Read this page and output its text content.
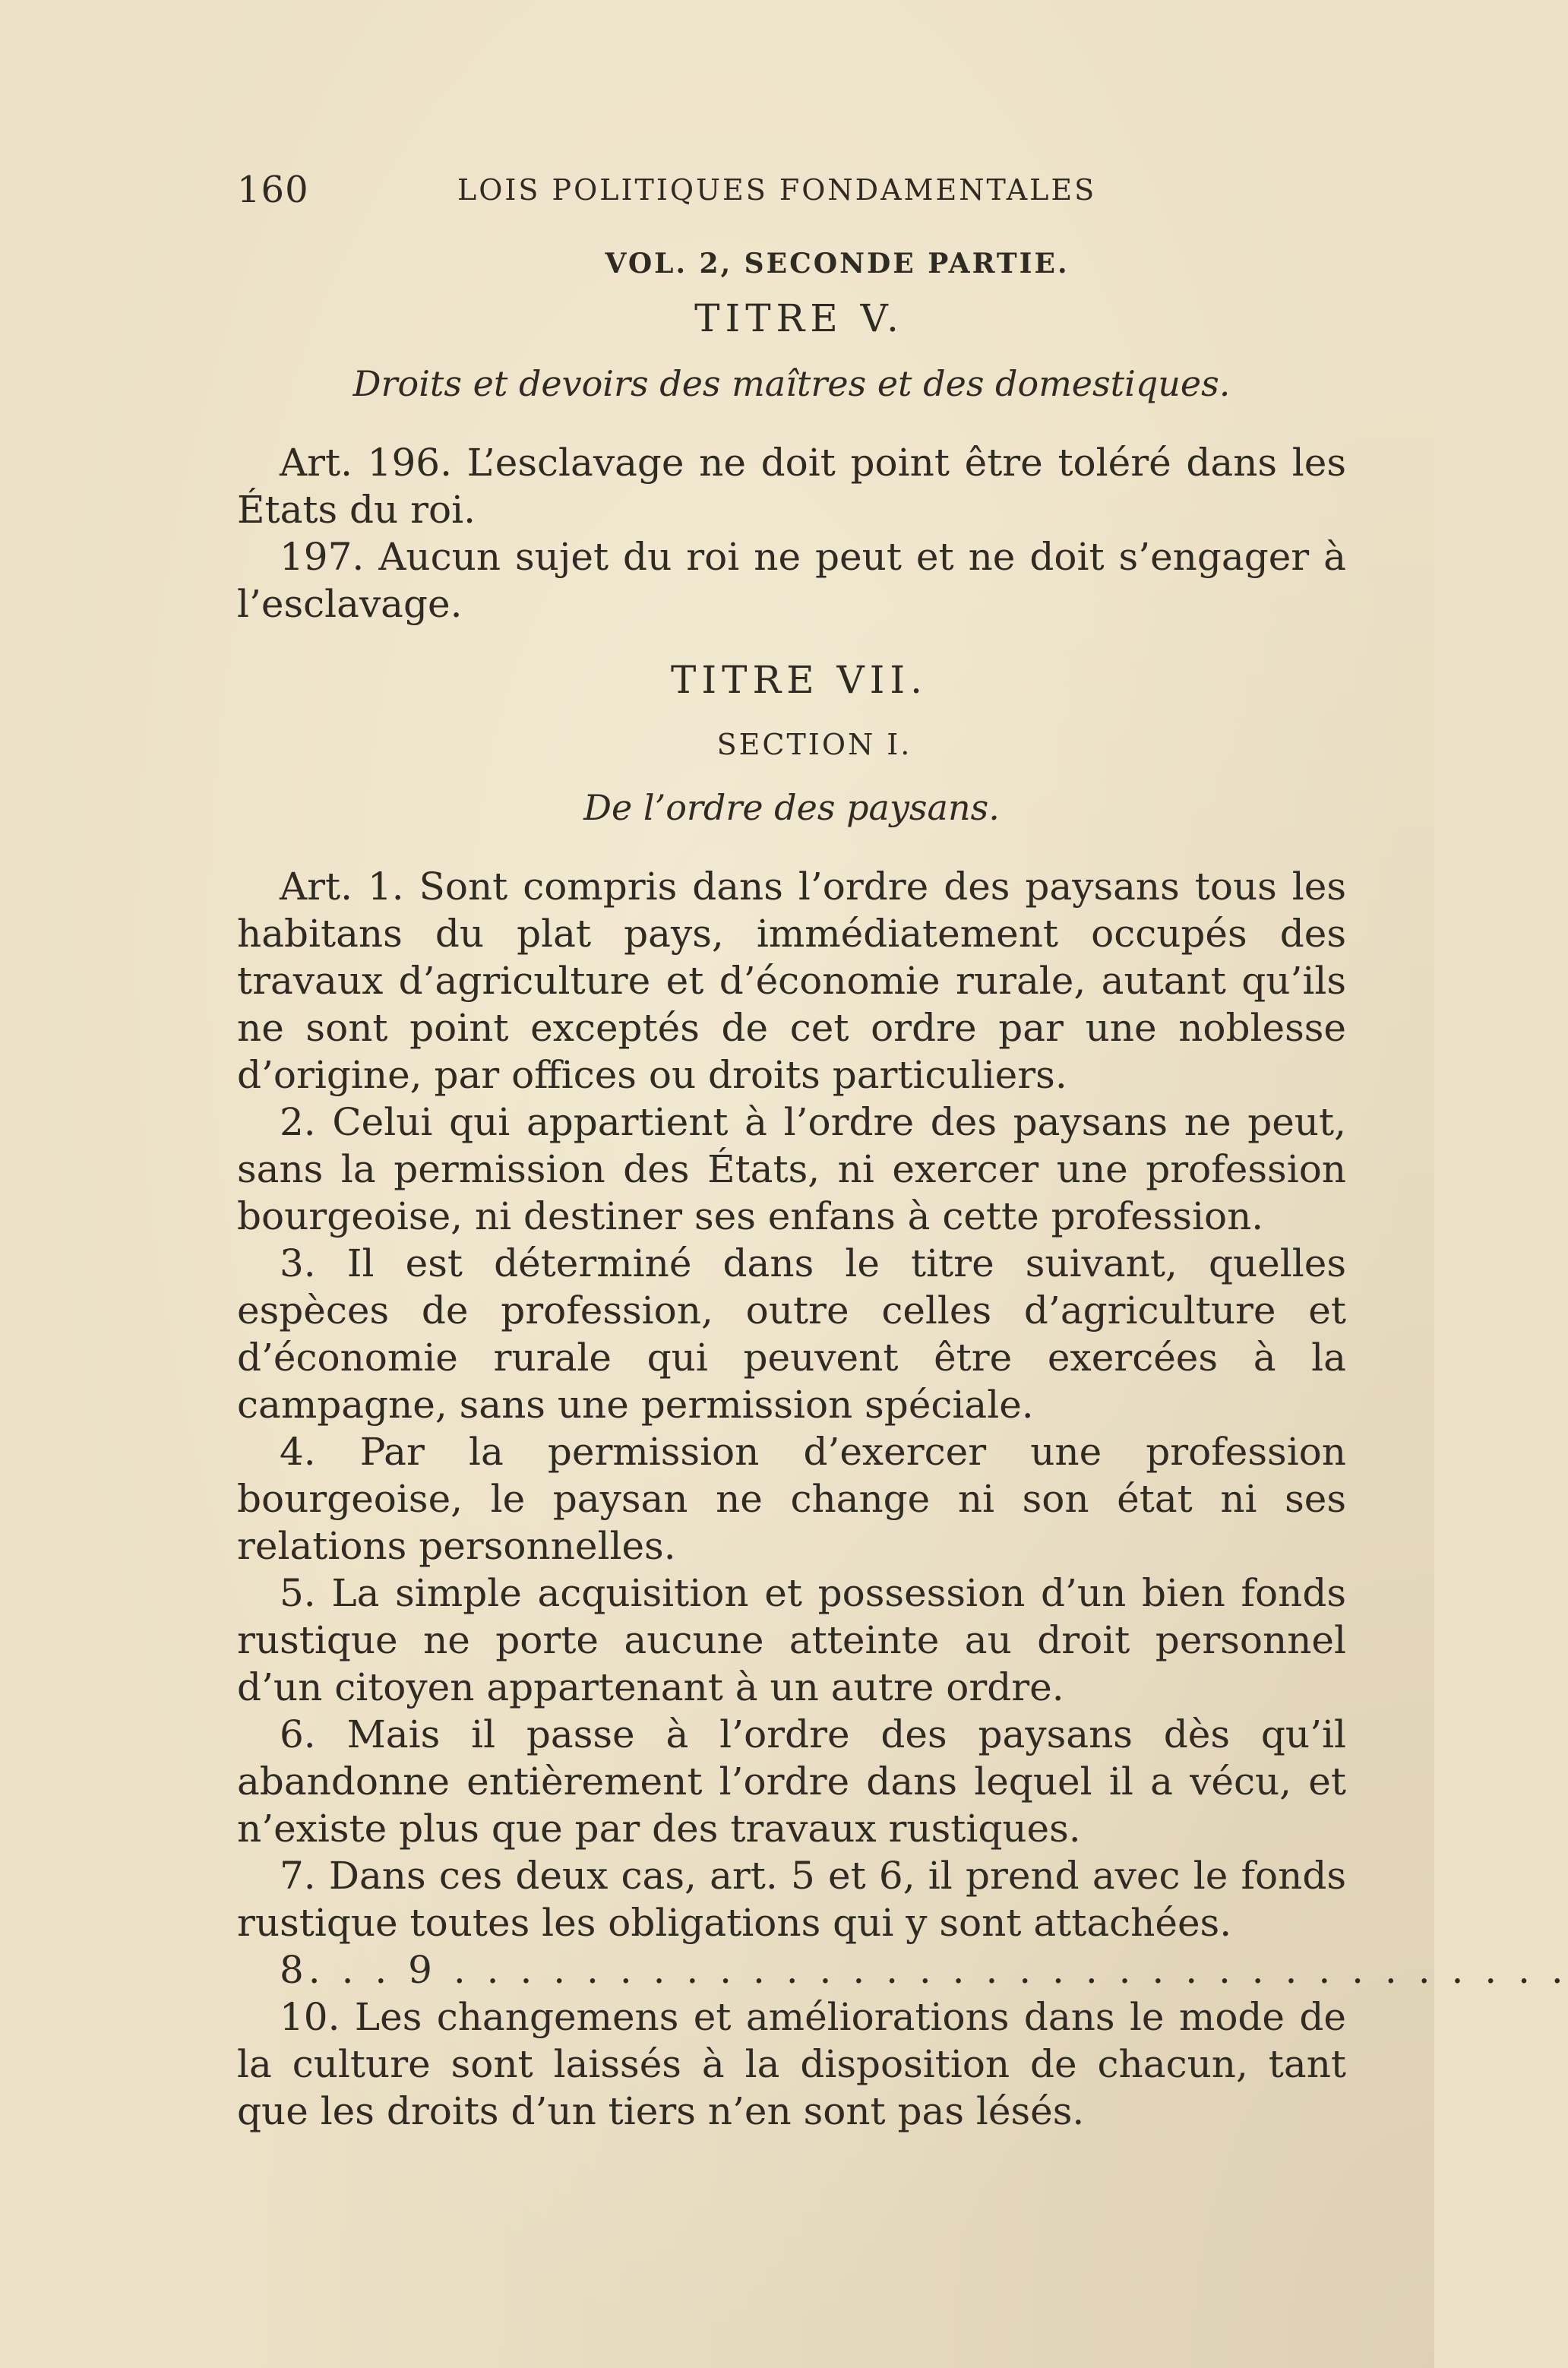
160	LOIS POLITIQUES FONDAMENTALES
VOL. 2, SECONDE PARTIE.
TITRE V.
Droits et devoirs des maîtres et des domestiques.

Art. 196. L’esclavage ne doit point être toléré dans les États du roi.

197. Aucun sujet du roi ne peut et ne doit s’engager à l’esclavage.

TITRE VII.
SECTION I.
De l’ordre des paysans.

Art. 1. Sont compris dans l’ordre des paysans tous les habitans du plat pays, immédiatement occupés des travaux d’agriculture et d’économie rurale, autant qu’ils ne sont point exceptés de cet ordre par une noblesse d’origine, par offices ou droits particuliers.

2. Celui qui appartient à l’ordre des paysans ne peut, sans la permission des États, ni exercer une profession bourgeoise, ni destiner ses enfans à cette profession.

3. Il est déterminé dans le titre suivant, quelles espèces de profession, outre celles d’agriculture et d’économie rurale qui peuvent être exercées à la campagne, sans une permission spéciale.

4. Par la permission d’exercer une profession bourgeoise, le paysan ne change ni son état ni ses relations personnelles.

5. La simple acquisition et possession d’un bien fonds rustique ne porte aucune atteinte au droit personnel d’un citoyen appartenant à un autre ordre.

6. Mais il passe à l’ordre des paysans dès qu’il abandonne entièrement l’ordre dans lequel il a vécu, et n’existe plus que par des travaux rustiques.

7. Dans ces deux cas, art. 5 et 6, il prend avec le fonds rustique toutes les obligations qui y sont attachées.

8. . . 9 . . . . . . . . . . . . . . . . . . . . . . . . . . . . . . . . . .

10. Les changemens et améliorations dans le mode de la culture sont laissés à la disposition de chacun, tant que les droits d’un tiers n’en sont pas lésés.
